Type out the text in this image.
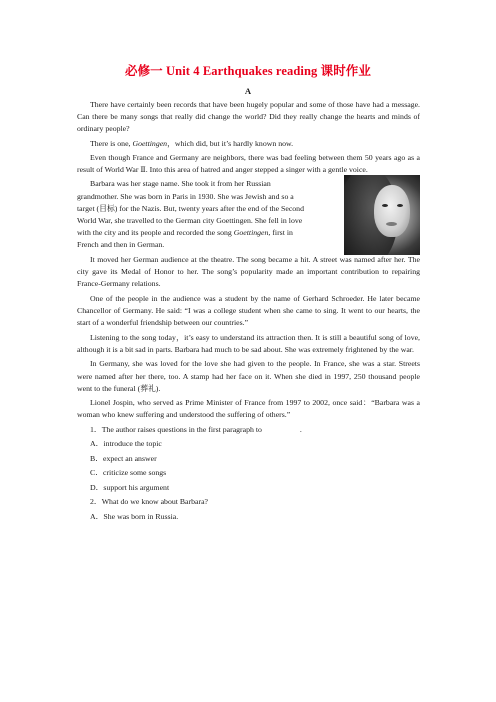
必修一 Unit 4 Earthquakes reading 课时作业
A

There have certainly been records that have been hugely popular and some of those have had a message. Can there be many songs that really did change the world? Did they really change the hearts and minds of ordinary people?

There is one, Goettingen，which did, but it’s hardly known now.

Even though France and Germany are neighbors, there was bad feeling between them 50 years ago as a result of World War Ⅱ. Into this area of hatred and anger stepped a singer with a gentle voice.

Barbara was her stage name. She took it from her Russian
grandmother. She was born in Paris in 1930. She was Jewish and so a
target (目标) for the Nazis. But, twenty years after the end of the Second
World War, she travelled to the German city Goettingen. She fell in love
with the city and its people and recorded the song Goettingen, first in
French and then in German.

It moved her German audience at the theatre. The song became a hit. A street was named after her. The city gave its Medal of Honor to her. The song’s popularity made an important contribution to repairing France-Germany relations.

One of the people in the audience was a student by the name of Gerhard Schroeder. He later became Chancellor of Germany. He said: “I was a college student when she came to sing. It went to our hearts, the start of a wonderful friendship between our countries.”

Listening to the song today，it’s easy to understand its attraction then. It is still a beautiful song of love, although it is a bit sad in parts. Barbara had much to be sad about. She was extremely frightened by the war.

In Germany, she was loved for the love she had given to the people. In France, she was a star. Streets were named after her there, too. A stamp had her face on it. When she died in 1997, 250 thousand people went to the funeral (葬礼).

Lionel Jospin, who served as Prime Minister of France from 1997 to 2002, once said：“Barbara was a woman who knew suffering and understood the suffering of others.”

1．The author raises questions in the first paragraph to	.

A．introduce the topic

B．expect an answer

C．criticize some songs

D．support his argument

2．What do we know about Barbara?

A．She was born in Russia.
